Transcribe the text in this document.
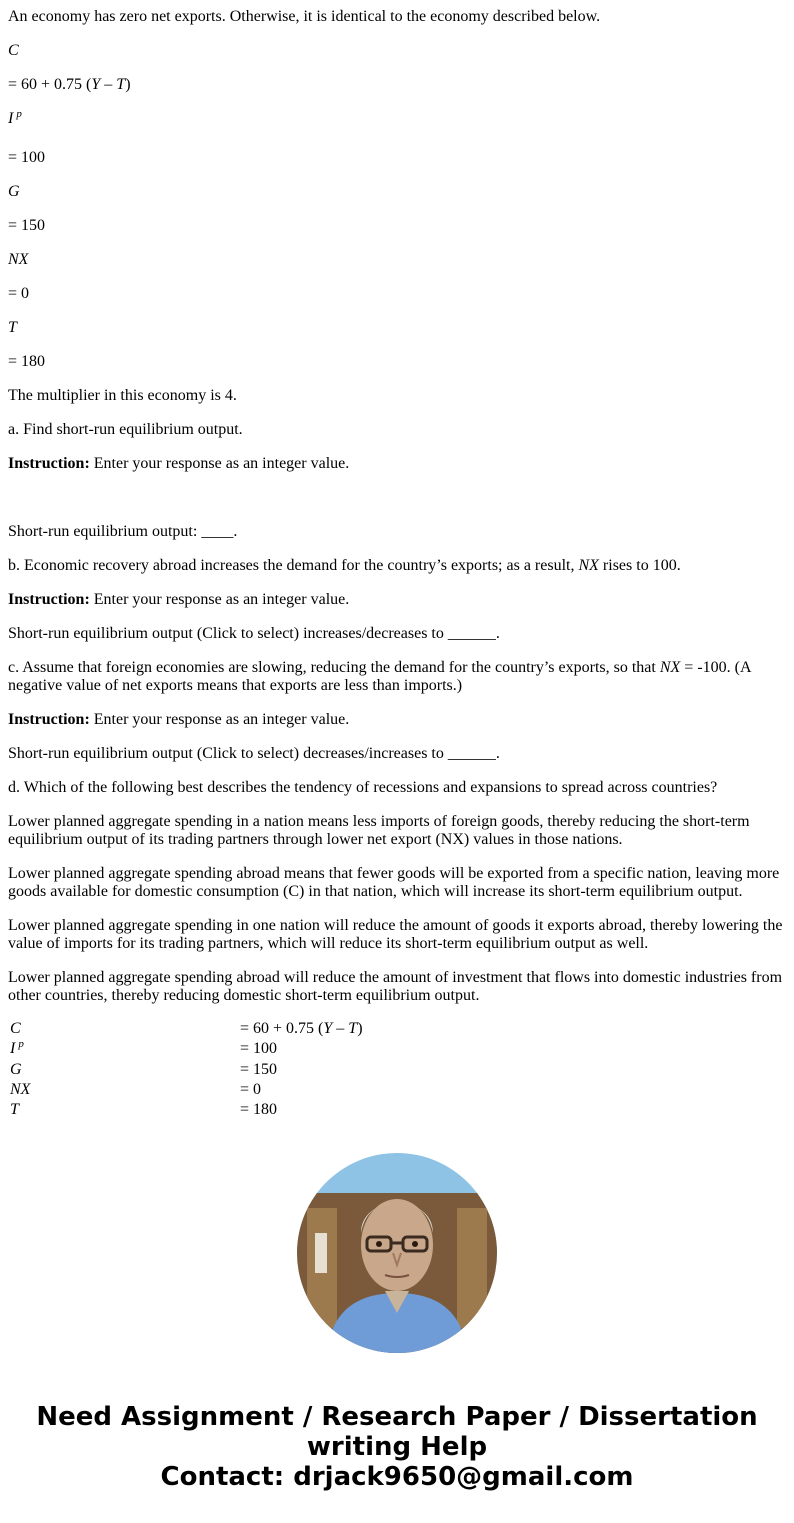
An economy has zero net exports. Otherwise, it is identical to the economy described below.

C

= 60 + 0.75 (Y – T)

I $^p$

= 100

G

= 150

NX

= 0

T

= 180

The multiplier in this economy is 4.

a. Find short-run equilibrium output.

Instruction: Enter your response as an integer value.

Short-run equilibrium output: ____.

b. Economic recovery abroad increases the demand for the country’s exports; as a result, NX rises to 100.

Instruction: Enter your response as an integer value.

Short-run equilibrium output (Click to select) increases/decreases to ______.

c. Assume that foreign economies are slowing, reducing the demand for the country’s exports, so that NX = -100. (A negative value of net exports means that exports are less than imports.)

Instruction: Enter your response as an integer value.

Short-run equilibrium output (Click to select) decreases/increases to ______.

d. Which of the following best describes the tendency of recessions and expansions to spread across countries?

Lower planned aggregate spending in a nation means less imports of foreign goods, thereby reducing the short-term equilibrium output of its trading partners through lower net export (NX) values in those nations.

Lower planned aggregate spending abroad means that fewer goods will be exported from a specific nation, leaving more goods available for domestic consumption (C) in that nation, which will increase its short-term equilibrium output.

Lower planned aggregate spending in one nation will reduce the amount of goods it exports abroad, thereby lowering the value of imports for its trading partners, which will reduce its short-term equilibrium output as well.

Lower planned aggregate spending abroad will reduce the amount of investment that flows into domestic industries from other countries, thereby reducing domestic short-term equilibrium output.

C	= 60 + 0.75 (Y – T)
I $^p$	= 100
G	= 150
NX	= 0
T	= 180
Need Assignment / Research Paper / Dissertation
writing Help
Contact: drjack9650@gmail.com
